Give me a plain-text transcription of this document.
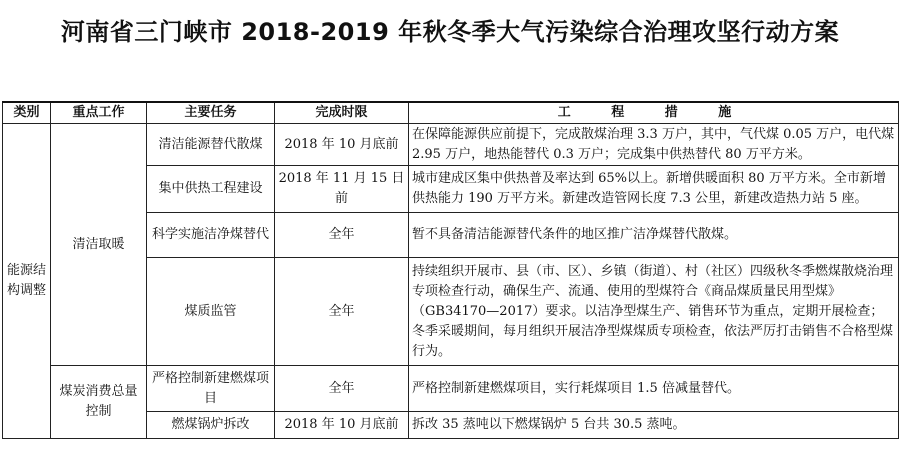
河南省三门峡市 2018-2019 年秋冬季大气污染综合治理攻坚行动方案
类别	重点工作	主要任务	完成时限	工 程 措 施
能源结构调整	清洁取暖	清洁能源替代散煤	2018 年 10 月底前	在保障能源供应前提下，完成散煤治理 3.3 万户，其中，气代煤 0.05 万户，电代煤 2.95 万户，地热能替代 0.3 万户；完成集中供热替代 80 万平方米。
		集中供热工程建设	2018 年 11 月 15 日前	城市建成区集中供热普及率达到 65%以上。新增供暖面积 80 万平方米。全市新增供热能力 190 万平方米。新建改造管网长度 7.3 公里，新建改造热力站 5 座。
		科学实施洁净煤替代	全年	暂不具备清洁能源替代条件的地区推广洁净煤替代散煤。
		煤质监管	全年	持续组织开展市、县（市、区）、乡镇（街道）、村（社区）四级秋冬季燃煤散烧治理专项检查行动，确保生产、流通、使用的型煤符合《商品煤质量民用型煤》（GB34170—2017）要求。以洁净型煤生产、销售环节为重点，定期开展检查；冬季采暖期间，每月组织开展洁净型煤煤质专项检查，依法严厉打击销售不合格型煤行为。
	煤炭消费总量控制	严格控制新建燃煤项目	全年	严格控制新建燃煤项目，实行耗煤项目 1.5 倍减量替代。
		燃煤锅炉拆改	2018 年 10 月底前	拆改 35 蒸吨以下燃煤锅炉 5 台共 30.5 蒸吨。
